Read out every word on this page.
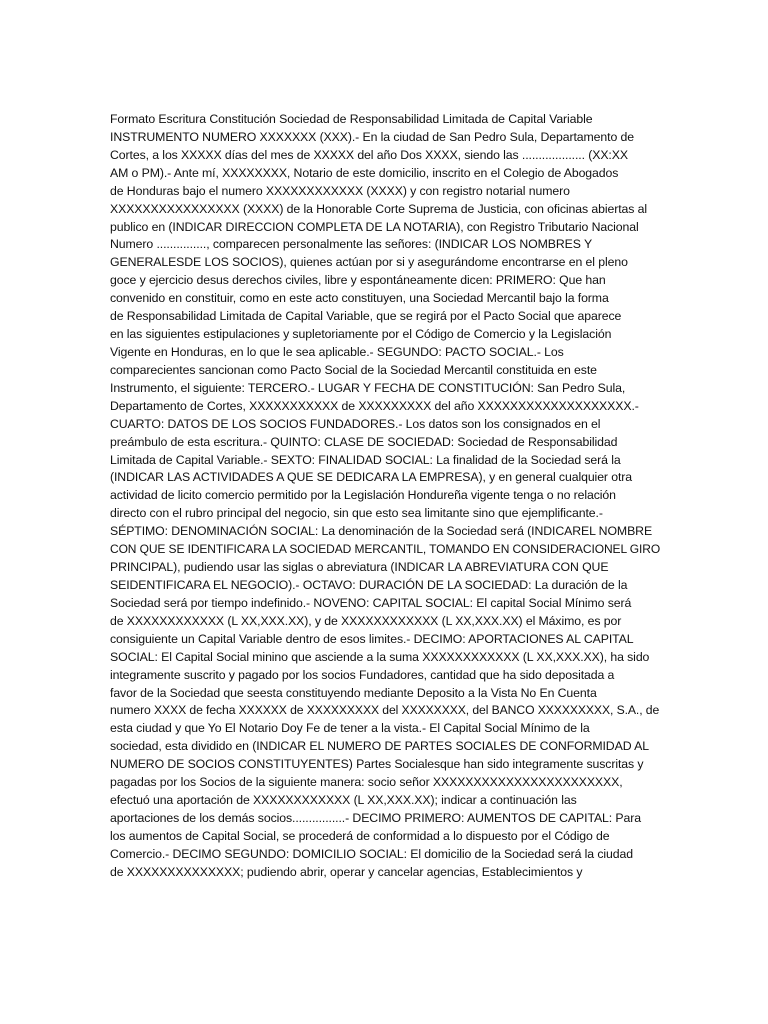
Formato Escritura Constitución Sociedad de Responsabilidad Limitada de Capital Variable
INSTRUMENTO NUMERO XXXXXXX (XXX).- En la ciudad de San Pedro Sula, Departamento de
Cortes, a los XXXXX días del mes de XXXXX del año Dos XXXX, siendo las ................... (XX:XX
AM o PM).- Ante mí, XXXXXXXX, Notario de este domicilio, inscrito en el Colegio de Abogados
de Honduras bajo el numero XXXXXXXXXXXX (XXXX) y con registro notarial numero
XXXXXXXXXXXXXXXX (XXXX) de la Honorable Corte Suprema de Justicia, con oficinas abiertas al
publico en (INDICAR DIRECCION COMPLETA DE LA NOTARIA), con Registro Tributario Nacional
Numero ..............., comparecen personalmente las señores: (INDICAR LOS NOMBRES Y
GENERALESDE LOS SOCIOS), quienes actúan por si y asegurándome encontrarse en el pleno
goce y ejercicio desus derechos civiles, libre y espontáneamente dicen: PRIMERO: Que han
convenido en constituir, como en este acto constituyen, una Sociedad Mercantil bajo la forma
de Responsabilidad Limitada de Capital Variable, que se regirá por el Pacto Social que aparece
en las siguientes estipulaciones y supletoriamente por el Código de Comercio y la Legislación
Vigente en Honduras, en lo que le sea aplicable.- SEGUNDO: PACTO SOCIAL.- Los
comparecientes sancionan como Pacto Social de la Sociedad Mercantil constituida en este
Instrumento, el siguiente: TERCERO.- LUGAR Y FECHA DE CONSTITUCIÓN: San Pedro Sula,
Departamento de Cortes, XXXXXXXXXXX de XXXXXXXXX del año XXXXXXXXXXXXXXXXXXX.-
CUARTO: DATOS DE LOS SOCIOS FUNDADORES.- Los datos son los consignados en el
preámbulo de esta escritura.- QUINTO: CLASE DE SOCIEDAD: Sociedad de Responsabilidad
Limitada de Capital Variable.- SEXTO: FINALIDAD SOCIAL: La finalidad de la Sociedad será la
(INDICAR LAS ACTIVIDADES A QUE SE DEDICARA LA EMPRESA), y en general cualquier otra
actividad de licito comercio permitido por la Legislación Hondureña vigente tenga o no relación
directo con el rubro principal del negocio, sin que esto sea limitante sino que ejemplificante.-
SÉPTIMO: DENOMINACIÓN SOCIAL: La denominación de la Sociedad será (INDICAREL NOMBRE
CON QUE SE IDENTIFICARA LA SOCIEDAD MERCANTIL, TOMANDO EN CONSIDERACIONEL GIRO
PRINCIPAL), pudiendo usar las siglas o abreviatura (INDICAR LA ABREVIATURA CON QUE
SEIDENTIFICARA EL NEGOCIO).- OCTAVO: DURACIÓN DE LA SOCIEDAD: La duración de la
Sociedad será por tiempo indefinido.- NOVENO: CAPITAL SOCIAL: El capital Social Mínimo será
de XXXXXXXXXXXX (L XX,XXX.XX), y de XXXXXXXXXXXX (L XX,XXX.XX) el Máximo, es por
consiguiente un Capital Variable dentro de esos limites.- DECIMO: APORTACIONES AL CAPITAL
SOCIAL: El Capital Social minino que asciende a la suma XXXXXXXXXXXX (L XX,XXX.XX), ha sido
integramente suscrito y pagado por los socios Fundadores, cantidad que ha sido depositada a
favor de la Sociedad que seesta constituyendo mediante Deposito a la Vista No En Cuenta
numero XXXX de fecha XXXXXX de XXXXXXXXX del XXXXXXXX, del BANCO XXXXXXXXX, S.A., de
esta ciudad y que Yo El Notario Doy Fe de tener a la vista.- El Capital Social Mínimo de la
sociedad, esta dividido en (INDICAR EL NUMERO DE PARTES SOCIALES DE CONFORMIDAD AL
NUMERO DE SOCIOS CONSTITUYENTES) Partes Socialesque han sido integramente suscritas y
pagadas por los Socios de la siguiente manera: socio señor XXXXXXXXXXXXXXXXXXXXXXX,
efectuó una aportación de XXXXXXXXXXXX (L XX,XXX.XX); indicar a continuación las
aportaciones de los demás socios................- DECIMO PRIMERO: AUMENTOS DE CAPITAL: Para
los aumentos de Capital Social, se procederá de conformidad a lo dispuesto por el Código de
Comercio.- DECIMO SEGUNDO: DOMICILIO SOCIAL: El domicilio de la Sociedad será la ciudad
de XXXXXXXXXXXXXX; pudiendo abrir, operar y cancelar agencias, Establecimientos y
